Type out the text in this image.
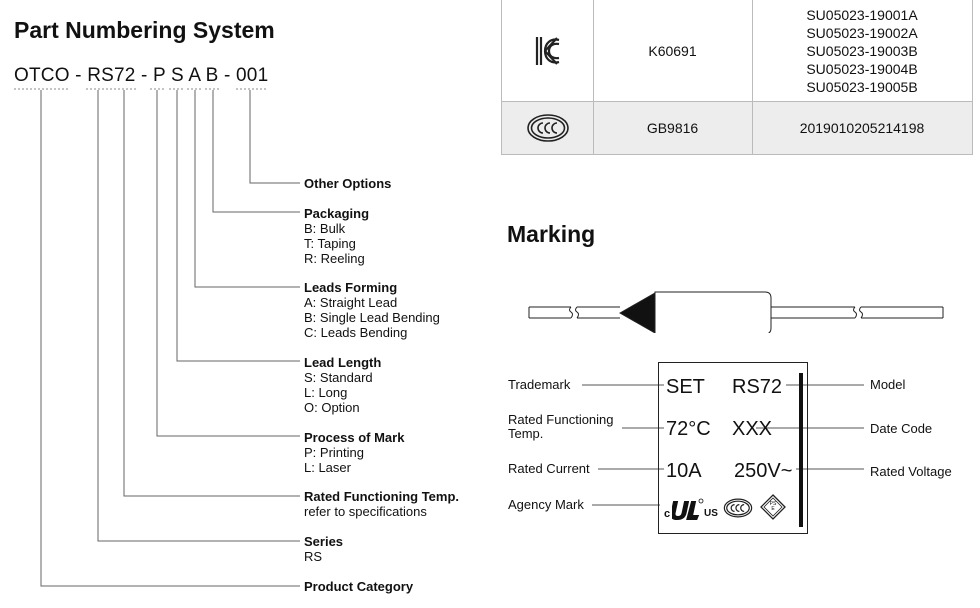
Part Numbering System
OTCO - RS72 - P S A B - 001
Other Options
Packaging
B: Bulk
T: Taping
R: Reeling
Leads Forming
A: Straight Lead
B: Single Lead Bending
C: Leads Bending
Lead Length
S: Standard
L: Long
O: Option
Process of Mark
P: Printing
L: Laser
Rated Functioning Temp.
refer to specifications
Series
RS
Product Category
K60691
SU05023-19001A
SU05023-19002A
SU05023-19003B
SU05023-19004B
SU05023-19005B
GB9816	2019010205214198
Marking
Trademark
Rated Functioning
Temp.
Rated Current
Agency Mark
Model
Date Code
Rated Voltage
SET RS72
72°C XXX
10A 250V~
c	US
PS E
